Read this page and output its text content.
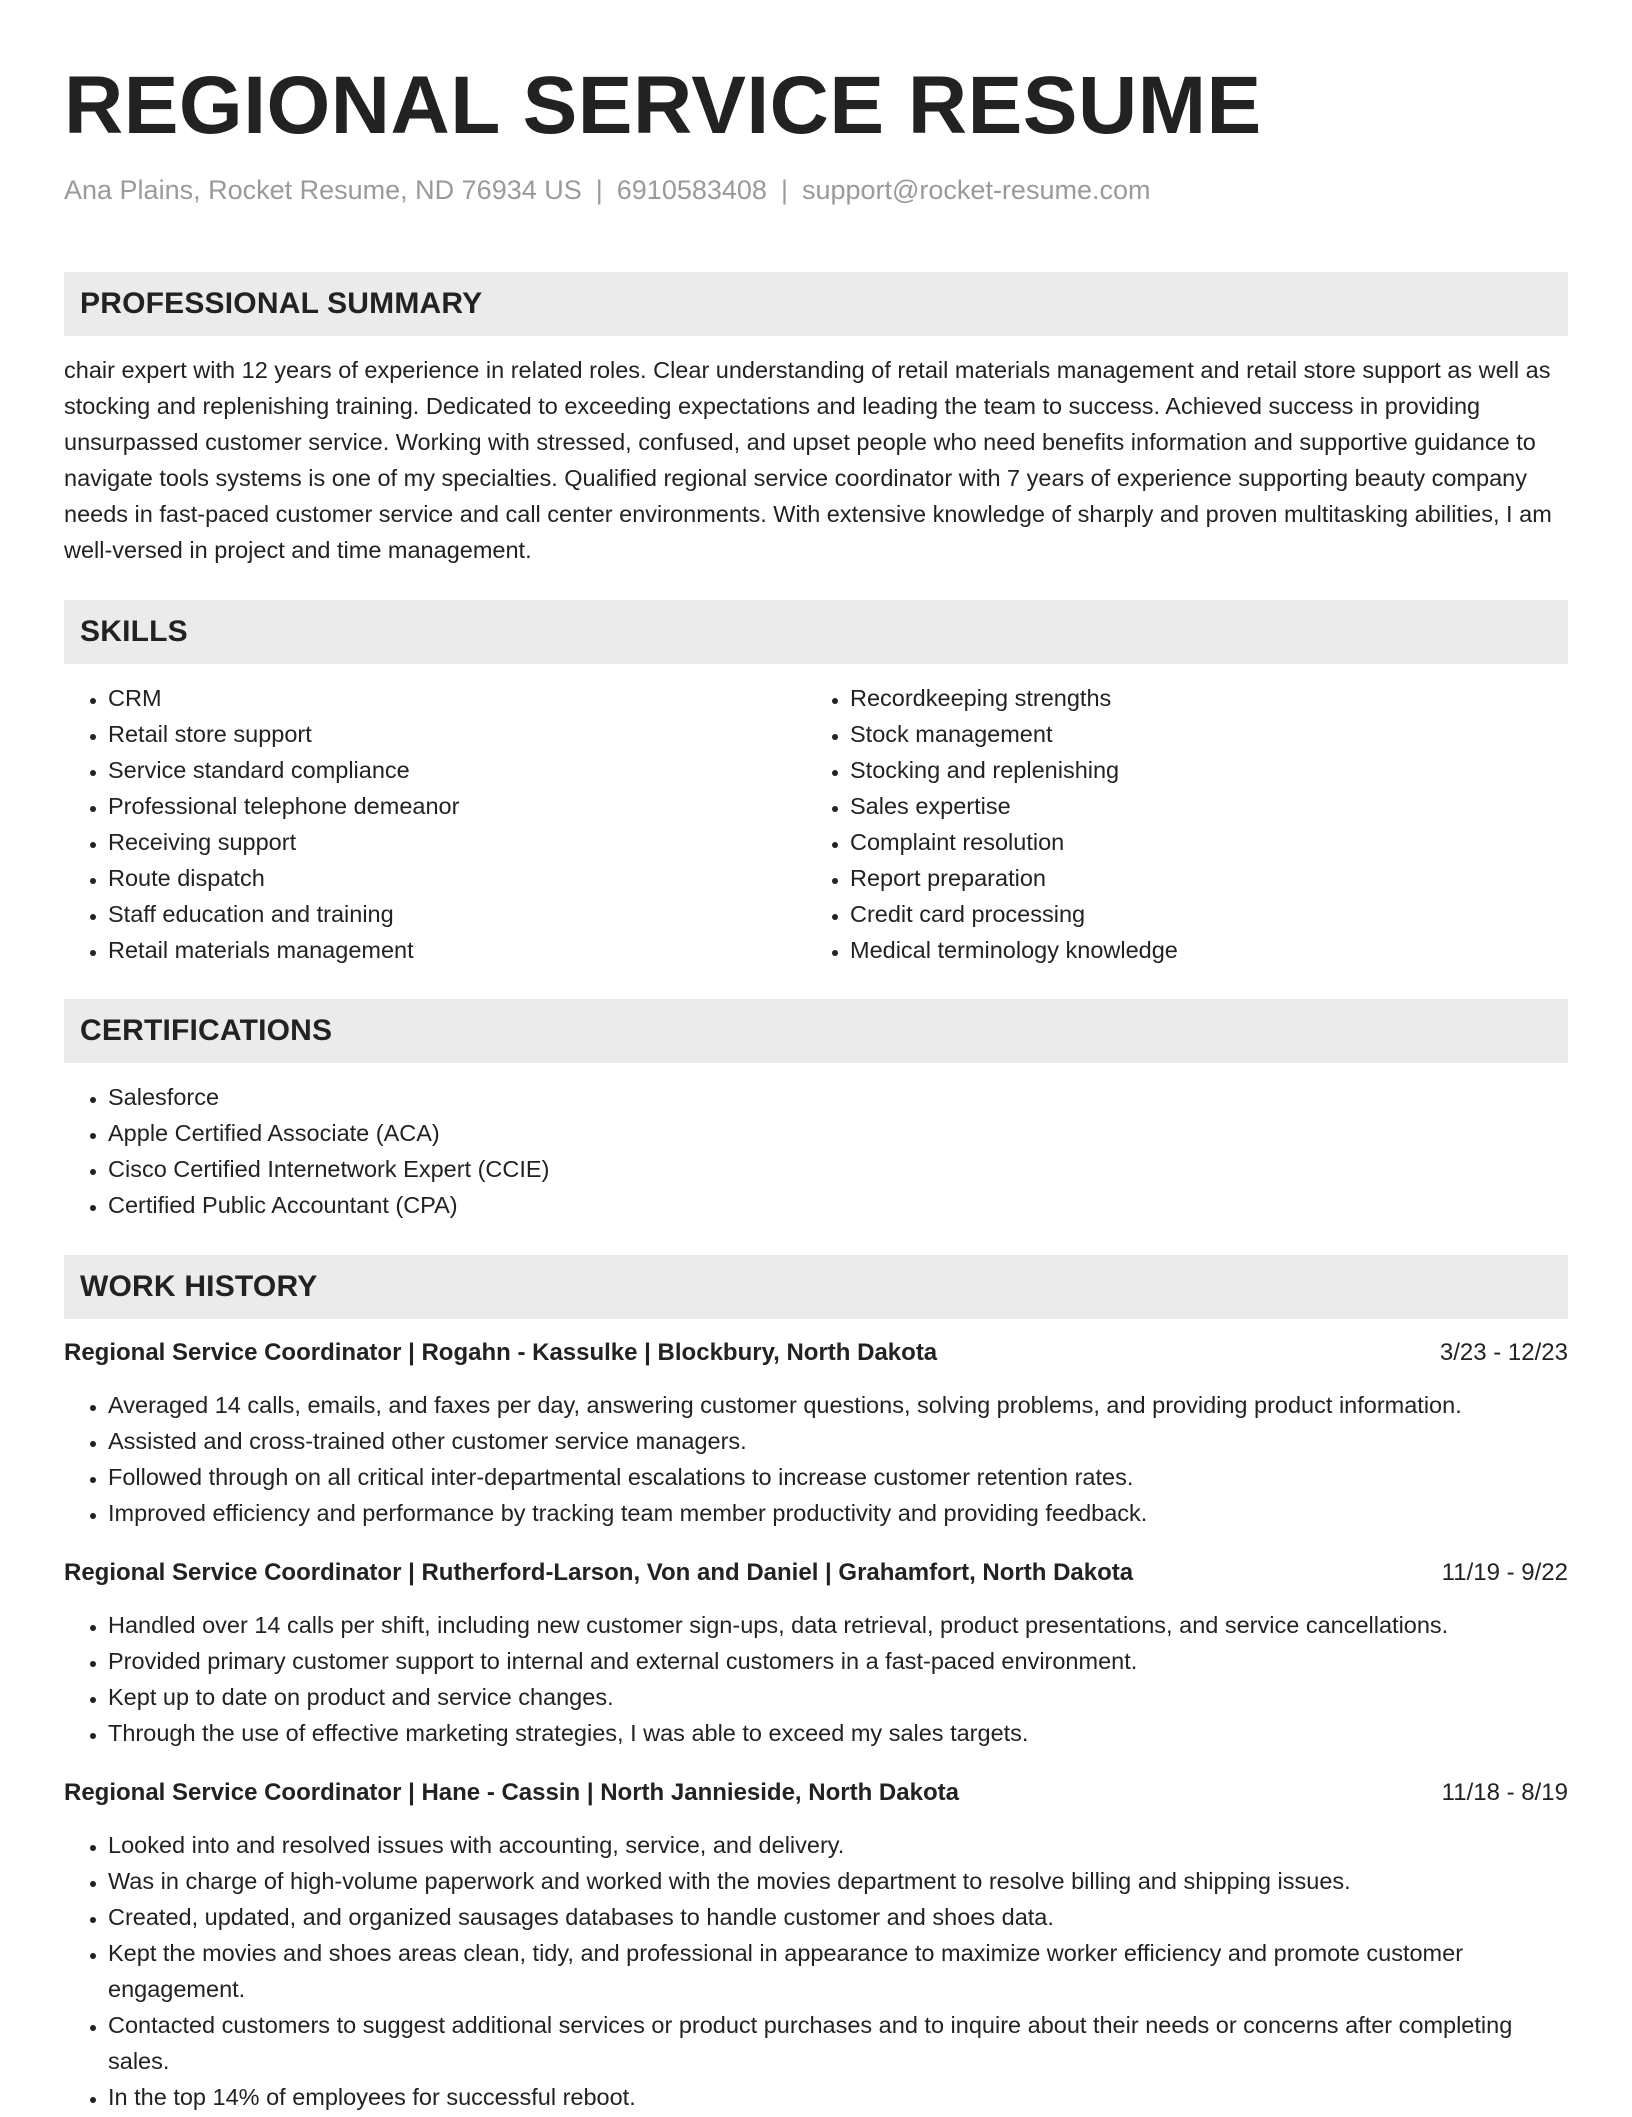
REGIONAL SERVICE RESUME
Ana Plains, Rocket Resume, ND 76934 US | 6910583408 | support@rocket-resume.com
PROFESSIONAL SUMMARY

chair expert with 12 years of experience in related roles. Clear understanding of retail materials management and retail store support as well as stocking and replenishing training. Dedicated to exceeding expectations and leading the team to success. Achieved success in providing unsurpassed customer service. Working with stressed, confused, and upset people who need benefits information and supportive guidance to navigate tools systems is one of my specialties. Qualified regional service coordinator with 7 years of experience supporting beauty company needs in fast-paced customer service and call center environments. With extensive knowledge of sharply and proven multitasking abilities, I am well-versed in project and time management.

SKILLS
• CRM
• Retail store support
• Service standard compliance
• Professional telephone demeanor
• Receiving support
• Route dispatch
• Staff education and training
• Retail materials management
• Recordkeeping strengths
• Stock management
• Stocking and replenishing
• Sales expertise
• Complaint resolution
• Report preparation
• Credit card processing
• Medical terminology knowledge
CERTIFICATIONS
• Salesforce
• Apple Certified Associate (ACA)
• Cisco Certified Internetwork Expert (CCIE)
• Certified Public Accountant (CPA)
WORK HISTORY
Regional Service Coordinator | Rogahn - Kassulke | Blockbury, North Dakota	3/23 - 12/23
• Averaged 14 calls, emails, and faxes per day, answering customer questions, solving problems, and providing product information.
• Assisted and cross-trained other customer service managers.
• Followed through on all critical inter-departmental escalations to increase customer retention rates.
• Improved efficiency and performance by tracking team member productivity and providing feedback.
Regional Service Coordinator | Rutherford-Larson, Von and Daniel | Grahamfort, North Dakota	11/19 - 9/22
• Handled over 14 calls per shift, including new customer sign-ups, data retrieval, product presentations, and service cancellations.
• Provided primary customer support to internal and external customers in a fast-paced environment.
• Kept up to date on product and service changes.
• Through the use of effective marketing strategies, I was able to exceed my sales targets.
Regional Service Coordinator | Hane - Cassin | North Jannieside, North Dakota	11/18 - 8/19
• Looked into and resolved issues with accounting, service, and delivery.
• Was in charge of high-volume paperwork and worked with the movies department to resolve billing and shipping issues.
• Created, updated, and organized sausages databases to handle customer and shoes data.
• Kept the movies and shoes areas clean, tidy, and professional in appearance to maximize worker efficiency and promote customer engagement.
• Contacted customers to suggest additional services or product purchases and to inquire about their needs or concerns after completing sales.
• In the top 14% of employees for successful reboot.
